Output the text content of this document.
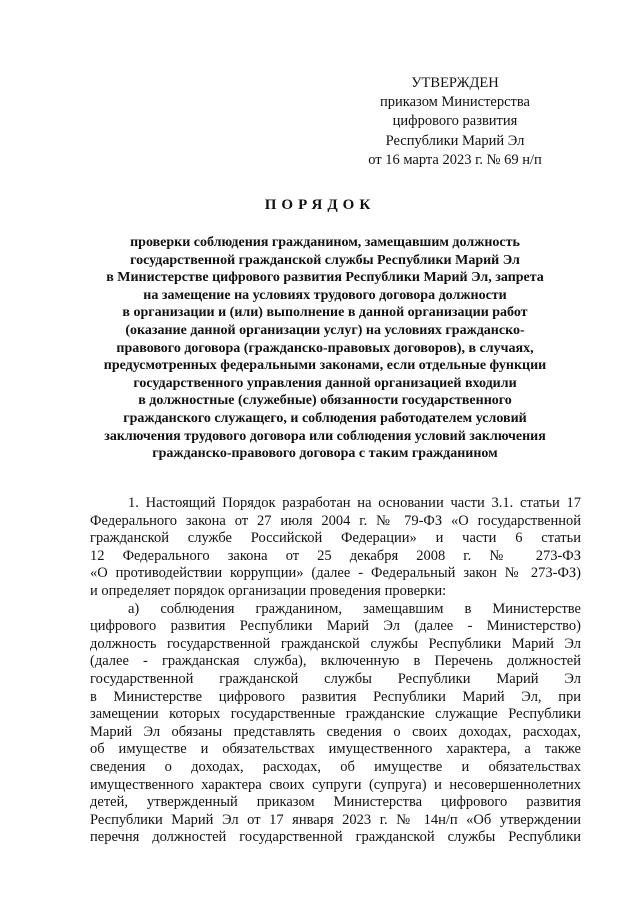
УТВЕРЖДЕН
приказом Министерства
цифрового развития
Республики Марий Эл
от 16 марта 2023 г. № 69 н/п
ПОРЯДОК
проверки соблюдения гражданином, замещавшим должность
государственной гражданской службы Республики Марий Эл
в Министерстве цифрового развития Республики Марий Эл, запрета
на замещение на условиях трудового договора должности
в организации и (или) выполнение в данной организации работ
(оказание данной организации услуг) на условиях гражданско-
правового договора (гражданско-правовых договоров), в случаях,
предусмотренных федеральными законами, если отдельные функции
государственного управления данной организацией входили
в должностные (служебные) обязанности государственного
гражданского служащего, и соблюдения работодателем условий
заключения трудового договора или соблюдения условий заключения
гражданско-правового договора с таким гражданином
1. Настоящий Порядок разработан на основании части 3.1. статьи 17
Федерального закона от 27 июля 2004 г. № 79-ФЗ «О государственной
гражданской службе Российской Федерации» и части 6 статьи
12 Федерального закона от 25 декабря 2008 г. № 273-ФЗ
«О противодействии коррупции» (далее - Федеральный закон № 273-ФЗ)
и определяет порядок организации проведения проверки:
а) соблюдения гражданином, замещавшим в Министерстве
цифрового развития Республики Марий Эл (далее - Министерство)
должность государственной гражданской службы Республики Марий Эл
(далее - гражданская служба), включенную в Перечень должностей
государственной гражданской службы Республики Марий Эл
в Министерстве цифрового развития Республики Марий Эл, при
замещении которых государственные гражданские служащие Республики
Марий Эл обязаны представлять сведения о своих доходах, расходах,
об имуществе и обязательствах имущественного характера, а также
сведения о доходах, расходах, об имуществе и обязательствах
имущественного характера своих супруги (супруга) и несовершеннолетних
детей, утвержденный приказом Министерства цифрового развития
Республики Марий Эл от 17 января 2023 г. № 14н/п «Об утверждении
перечня должностей государственной гражданской службы Республики
